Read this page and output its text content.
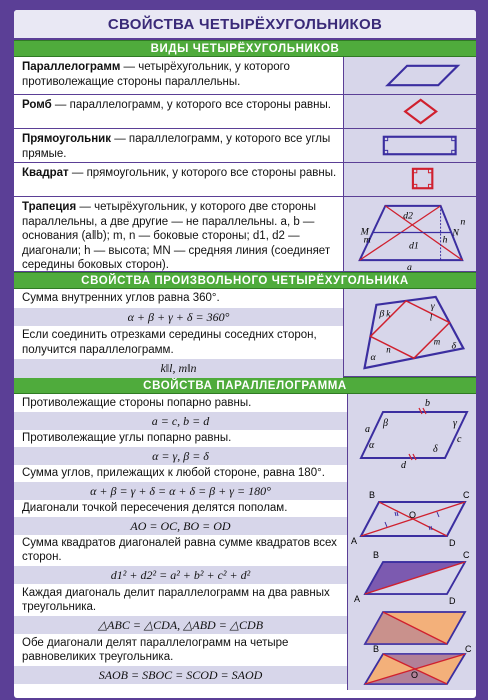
СВОЙСТВА ЧЕТЫРЁХУГОЛЬНИКОВ
ВИДЫ ЧЕТЫРЁХУГОЛЬНИКОВ
Параллелограмм — четырёхугольник, у которого противолежащие стороны параллельны.
Ромб — параллелограмм, у которого все стороны равны.
Прямоугольник — параллелограмм, у которого все углы прямые.
Квадрат — прямоугольник, у которого все стороны равны.
Трапеция — четырёхугольник, у которого две стороны параллельны, а две другие — не параллельны. a, b — основания (a‖b); m, n — боковые стороны; d1, d2 — диагонали; h — высота; MN — средняя линия (соединяет середины боковых сторон).
d2
d1
h
m
n
M	N
a
СВОЙСТВА ПРОИЗВОЛЬНОГО ЧЕТЫРЁХУГОЛЬНИКА
Сумма внутренних углов равна 360°.
α + β + γ + δ = 360°
Если соединить отрезками середины соседних сторон, получится параллелограмм.
k‖l, m‖n
α
β
γ
δ
k	l
m
n
СВОЙСТВА ПАРАЛЛЕЛОГРАММА
Противолежащие стороны попарно равны.
a = c, b = d
Противолежащие углы попарно равны.
α = γ, β = δ
Сумма углов, прилежащих к любой стороне, равна 180°.
α + β = γ + δ = α + δ = β + γ = 180°
Диагонали точкой пересечения делятся пополам.
AO = OC, BO = OD
Сумма квадратов диагоналей равна сумме квадратов всех сторон.
d1² + d2² = a² + b² + c² + d²
Каждая диагональ делит параллелограмм на два равных треугольника.
△ABC = △CDA, △ABD = △CDB
Обе диагонали делят параллелограмм на четыре равновеликих треугольника.
SAOB = SBOC = SCOD = SAOD
α
β	γ
δ
a
b
c
d
B	C
A	D
O
B	C
A	D
B	C
O
